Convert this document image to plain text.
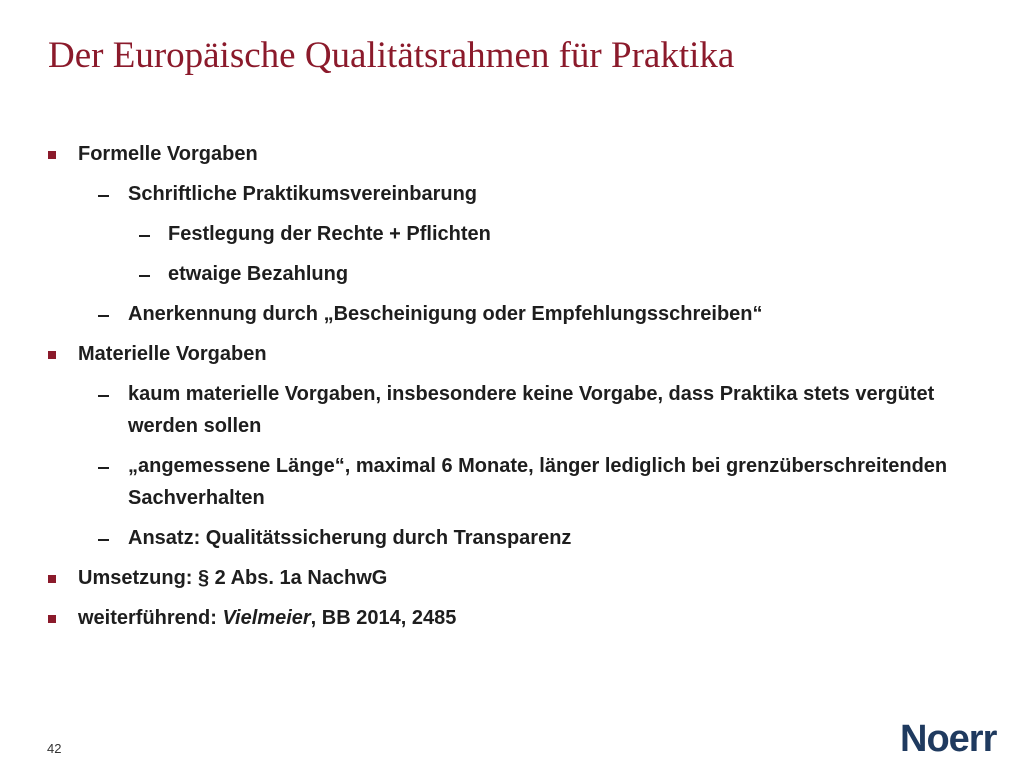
Der Europäische Qualitätsrahmen für Praktika
Formelle Vorgaben
Schriftliche Praktikumsvereinbarung
Festlegung der Rechte + Pflichten
etwaige Bezahlung
Anerkennung durch „Bescheinigung oder Empfehlungsschreiben“
Materielle Vorgaben
kaum materielle Vorgaben, insbesondere keine Vorgabe, dass Praktika stets vergütet werden sollen
„angemessene Länge“, maximal 6 Monate, länger lediglich bei grenzüberschreitenden Sachverhalten
Ansatz: Qualitätssicherung durch Transparenz
Umsetzung: § 2 Abs. 1a NachwG
weiterführend: Vielmeier, BB 2014, 2485
42	Noerr
